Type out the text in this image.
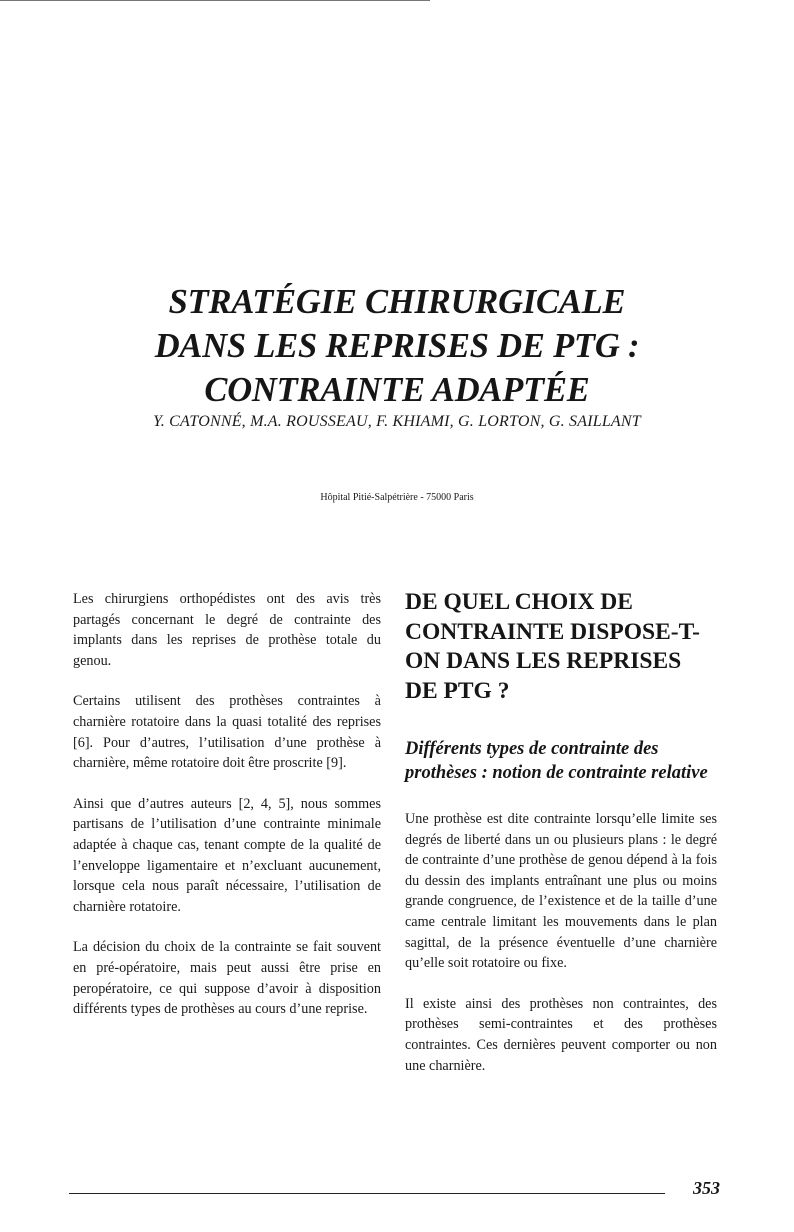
STRATÉGIE CHIRURGICALE
DANS LES REPRISES DE PTG :
CONTRAINTE ADAPTÉE
Y. CATONNÉ, M.A. ROUSSEAU, F. KHIAMI, G. LORTON, G. SAILLANT
Hôpital Pitié-Salpétrière - 75000 Paris

Les chirurgiens orthopédistes ont des avis très partagés concernant le degré de contrainte des implants dans les reprises de prothèse totale du genou.

Certains utilisent des prothèses contraintes à charnière rotatoire dans la quasi totalité des reprises [6]. Pour d’autres, l’utilisation d’une prothèse à charnière, même rotatoire doit être proscrite [9].

Ainsi que d’autres auteurs [2, 4, 5], nous sommes partisans de l’utilisation d’une contrainte minimale adaptée à chaque cas, tenant compte de la qualité de l’enveloppe ligamentaire et n’excluant aucunement, lorsque cela nous paraît nécessaire, l’utilisation de charnière rotatoire.

La décision du choix de la contrainte se fait souvent en pré-opératoire, mais peut aussi être prise en peropératoire, ce qui suppose d’avoir à disposition différents types de prothèses au cours d’une reprise.

DE QUEL CHOIX DE CONTRAINTE DISPOSE-T-ON DANS LES REPRISES DE PTG ?
Différents types de contrainte des prothèses : notion de contrainte relative

Une prothèse est dite contrainte lorsqu’elle limite ses degrés de liberté dans un ou plusieurs plans : le degré de contrainte d’une prothèse de genou dépend à la fois du dessin des implants entraînant une plus ou moins grande congruence, de l’existence et de la taille d’une came centrale limitant les mouvements dans le plan sagittal, de la présence éventuelle d’une charnière qu’elle soit rotatoire ou fixe.

Il existe ainsi des prothèses non contraintes, des prothèses semi-contraintes et des prothèses contraintes. Ces dernières peuvent comporter ou non une charnière.

353
